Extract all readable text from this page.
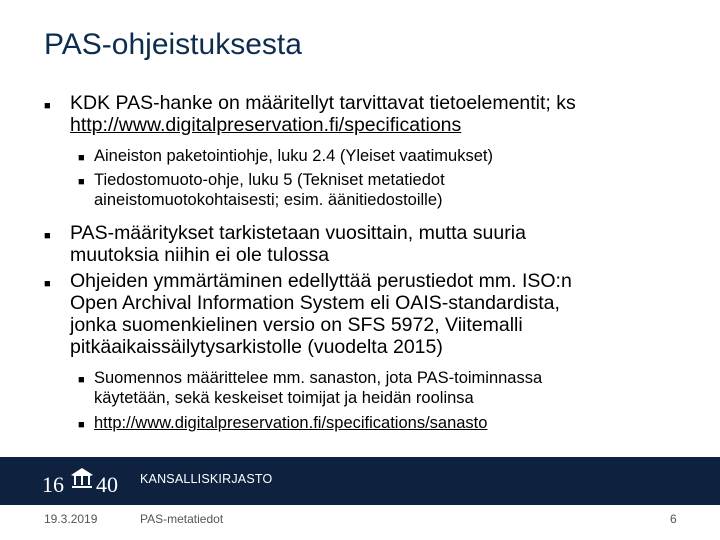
PAS-ohjeistuksesta
■ KDK PAS-hanke on määritellyt tarvittavat tietoelementit; ks
http://www.digitalpreservation.fi/specifications
■ Aineiston paketointiohje, luku 2.4 (Yleiset vaatimukset)
■ Tiedostomuoto-ohje, luku 5 (Tekniset metatiedot
aineistomuotokohtaisesti; esim. äänitiedostoille)
■ PAS-määritykset tarkistetaan vuosittain, mutta suuria
muutoksia niihin ei ole tulossa
■ Ohjeiden ymmärtäminen edellyttää perustiedot mm. ISO:n
Open Archival Information System eli OAIS-standardista,
jonka suomenkielinen versio on SFS 5972, Viitemalli
pitkäaikaissäilytysarkistolle (vuodelta 2015)
■ Suomennos määrittelee mm. sanaston, jota PAS-toiminnassa
käytetään, sekä keskeiset toimijat ja heidän roolinsa
■ http://www.digitalpreservation.fi/specifications/sanasto
16 40 KANSALLISKIRJASTO
19.3.2019	PAS-metatiedot	6
